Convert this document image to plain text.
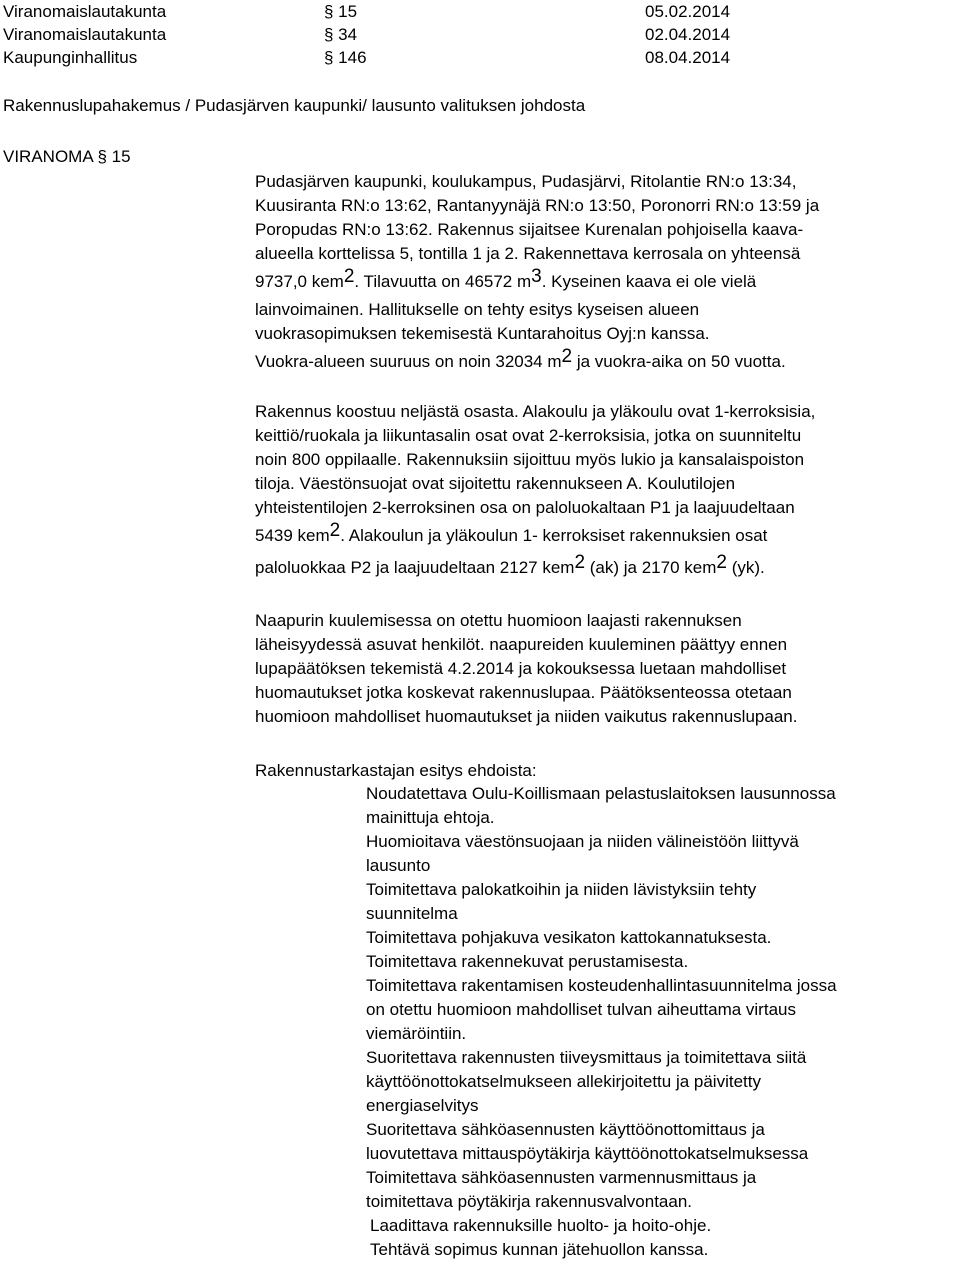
Viranomaislautakunta	§ 15	05.02.2014
Viranomaislautakunta	§ 34	02.04.2014
Kaupunginhallitus	§ 146	08.04.2014
Rakennuslupahakemus / Pudasjärven kaupunki/ lausunto valituksen johdosta
VIRANOMA § 15
Pudasjärven kaupunki, koulukampus, Pudasjärvi, Ritolantie RN:o 13:34,
Kuusiranta RN:o 13:62, Rantanyynäjä RN:o 13:50, Poronorri RN:o 13:59 ja
Poropudas RN:o 13:62. Rakennus sijaitsee Kurenalan pohjoisella kaava-
alueella korttelissa 5, tontilla 1 ja 2. Rakennettava kerrosala on yhteensä
9737,0 kem$^2$. Tilavuutta on 46572 $m^3$. Kyseinen kaava ei ole vielä
lainvoimainen. Hallitukselle on tehty esitys kyseisen alueen
vuokrasopimuksen tekemisestä Kuntarahoitus Oyj:n kanssa.
Vuokra-alueen suuruus on noin 32034 $m^2$ ja vuokra-aika on 50 vuotta.
Rakennus koostuu neljästä osasta. Alakoulu ja yläkoulu ovat 1-kerroksisia,
keittiö/ruokala ja liikuntasalin osat ovat 2-kerroksisia, jotka on suunniteltu
noin 800 oppilaalle. Rakennuksiin sijoittuu myös lukio ja kansalaispoiston
tiloja. Väestönsuojat ovat sijoitettu rakennukseen A. Koulutilojen
yhteistentilojen 2-kerroksinen osa on paloluokaltaan P1 ja laajuudeltaan
5439 kem$^2$. Alakoulun ja yläkoulun 1- kerroksiset rakennuksien osat
paloluokkaa P2 ja laajuudeltaan 2127 kem$^2$ (ak) ja 2170 kem$^2$ (yk).
Naapurin kuulemisessa on otettu huomioon laajasti rakennuksen
läheisyydessä asuvat henkilöt. naapureiden kuuleminen päättyy ennen
lupapäätöksen tekemistä 4.2.2014 ja kokouksessa luetaan mahdolliset
huomautukset jotka koskevat rakennuslupaa. Päätöksenteossa otetaan
huomioon mahdolliset huomautukset ja niiden vaikutus rakennuslupaan.
Rakennustarkastajan esitys ehdoista:
Noudatettava Oulu-Koillismaan pelastuslaitoksen lausunnossa
mainittuja ehtoja.
Huomioitava väestönsuojaan ja niiden välineistöön liittyvä
lausunto
Toimitettava palokatkoihin ja niiden lävistyksiin tehty
suunnitelma
Toimitettava pohjakuva vesikaton kattokannatuksesta.
Toimitettava rakennekuvat perustamisesta.
Toimitettava rakentamisen kosteudenhallintasuunnitelma jossa
on otettu huomioon mahdolliset tulvan aiheuttama virtaus
viemäröintiin.
Suoritettava rakennusten tiiveysmittaus ja toimitettava siitä
käyttöönottokatselmukseen allekirjoitettu ja päivitetty
energiaselvitys
Suoritettava sähköasennusten käyttöönottomittaus ja
luovutettava mittauspöytäkirja käyttöönottokatselmuksessa
Toimitettava sähköasennusten varmennusmittaus ja
toimitettava pöytäkirja rakennusvalvontaan.
Laadittava rakennuksille huolto- ja hoito-ohje.
Tehtävä sopimus kunnan jätehuollon kanssa.
